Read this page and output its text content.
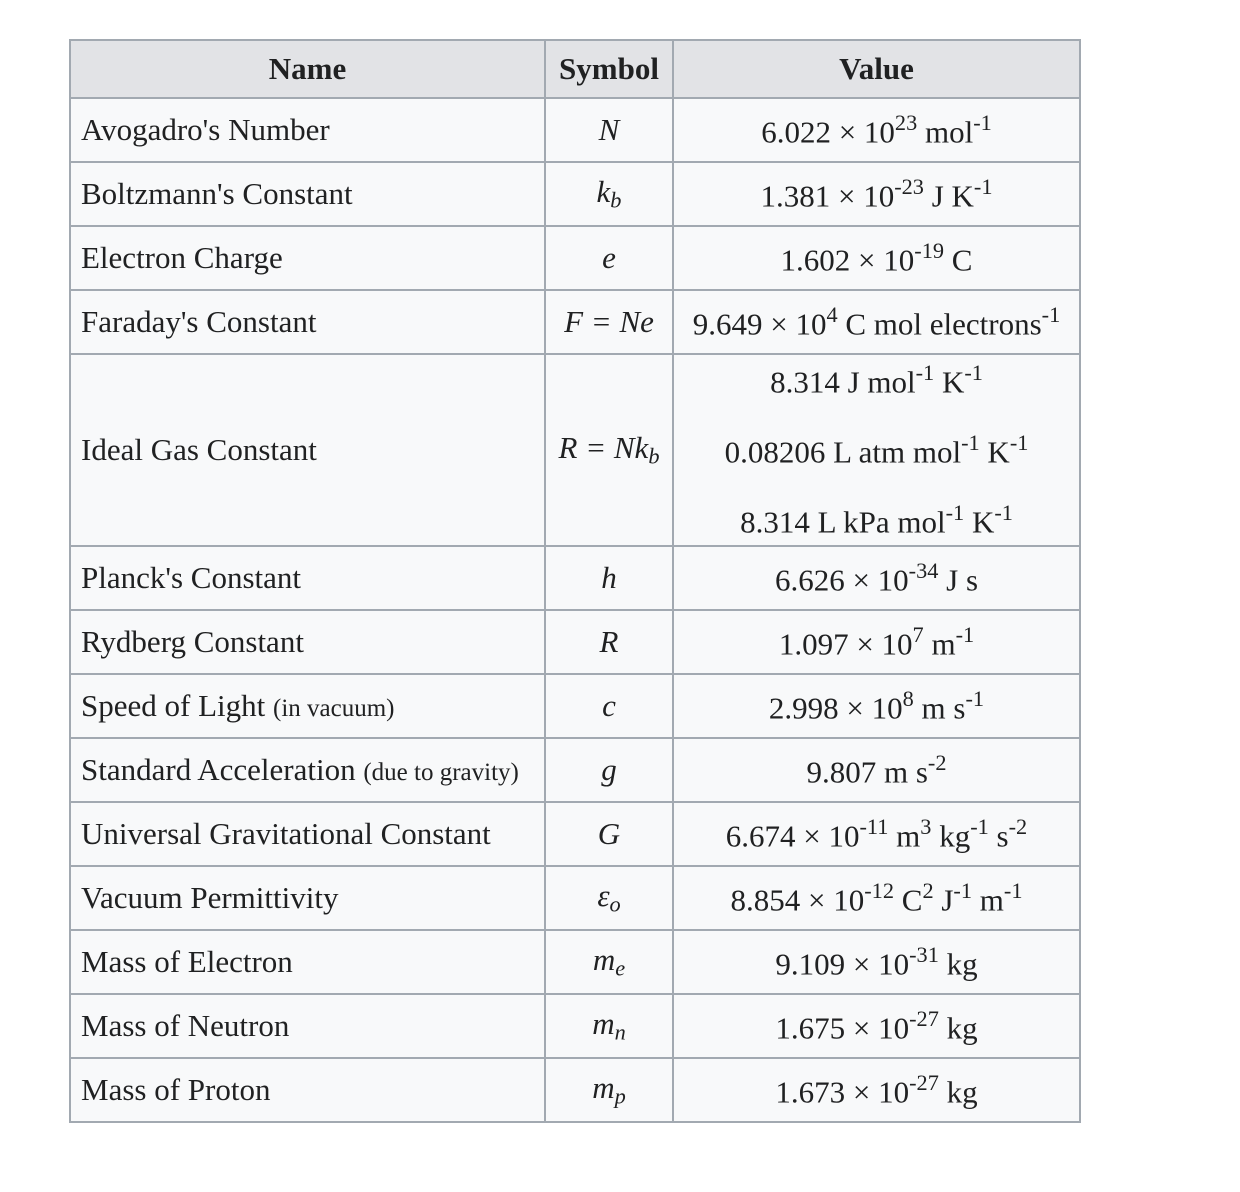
Name	Symbol	Value
Avogadro's Number	N	$6.022 \times 10^{23}$ mol$^{-1}$
Boltzmann's Constant	$k_b$	$1.381 \times 10^{-23}$ J $K^{-1}$
Electron Charge	e	$1.602 \times 10^{-19}$ C
Faraday's Constant	F = Ne	$9.649 \times 10^4$ C mol electrons$^{-1}$
Ideal Gas Constant	$R = Nk_b$	8.314 J mol$^{-1}$ $K^{-1}$
0.08206 L atm mol$^{-1}$ $K^{-1}$
8.314 L kPa mol$^{-1}$ $K^{-1}$

Planck's Constant	h	$6.626 \times 10^{-34}$ J s
Rydberg Constant	R	$1.097 \times 10^7$ $m^{-1}$
Speed of Light (in vacuum)	c	$2.998 \times 10^8$ m $s^{-1}$
Standard Acceleration (due to gravity)	g	9.807 m $s^{-2}$
Universal Gravitational Constant	G	$6.674 \times 10^{-11}$ $m^3$ $kg^{-1}$ $s^{-2}$
Vacuum Permittivity	$\varepsilon_o$	$8.854 \times 10^{-12}$ $C^2$ $J^{-1}$ $m^{-1}$
Mass of Electron	$m_e$	$9.109 \times 10^{-31}$ kg
Mass of Neutron	$m_n$	$1.675 \times 10^{-27}$ kg
Mass of Proton	$m_p$	$1.673 \times 10^{-27}$ kg
